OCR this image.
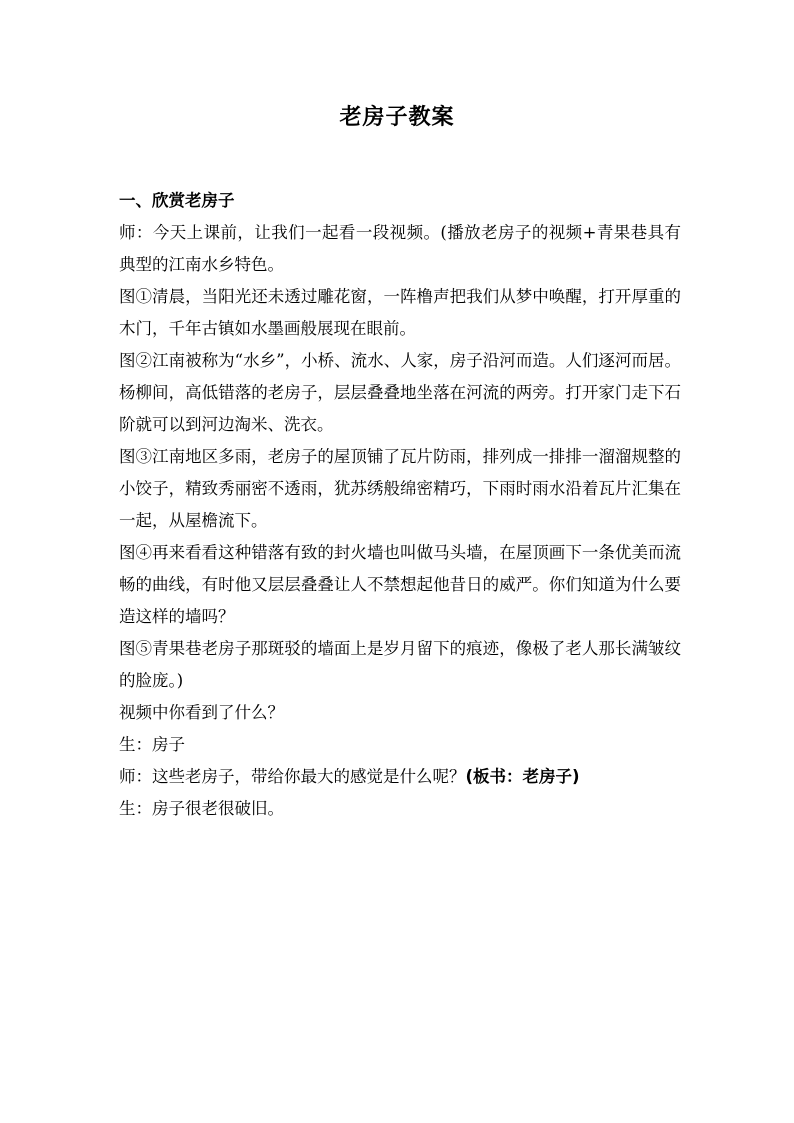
老房子教案

一、欣赏老房子

师：今天上课前，让我们一起看一段视频。(播放老房子的视频+青果巷具有典型的江南水乡特色。

图①清晨，当阳光还未透过雕花窗，一阵橹声把我们从梦中唤醒，打开厚重的木门，千年古镇如水墨画般展现在眼前。

图②江南被称为“水乡”，小桥、流水、人家，房子沿河而造。人们逐河而居。杨柳间，高低错落的老房子，层层叠叠地坐落在河流的两旁。打开家门走下石阶就可以到河边淘米、洗衣。

图③江南地区多雨，老房子的屋顶铺了瓦片防雨，排列成一排排一溜溜规整的小饺子，精致秀丽密不透雨，犹苏绣般绵密精巧，下雨时雨水沿着瓦片汇集在一起，从屋檐流下。

图④再来看看这种错落有致的封火墙也叫做马头墙，在屋顶画下一条优美而流畅的曲线，有时他又层层叠叠让人不禁想起他昔日的威严。你们知道为什么要造这样的墙吗？

图⑤青果巷老房子那斑驳的墙面上是岁月留下的痕迹，像极了老人那长满皱纹的脸庞。)

视频中你看到了什么？

生：房子

师：这些老房子，带给你最大的感觉是什么呢？(板书：老房子)

生：房子很老很破旧。
